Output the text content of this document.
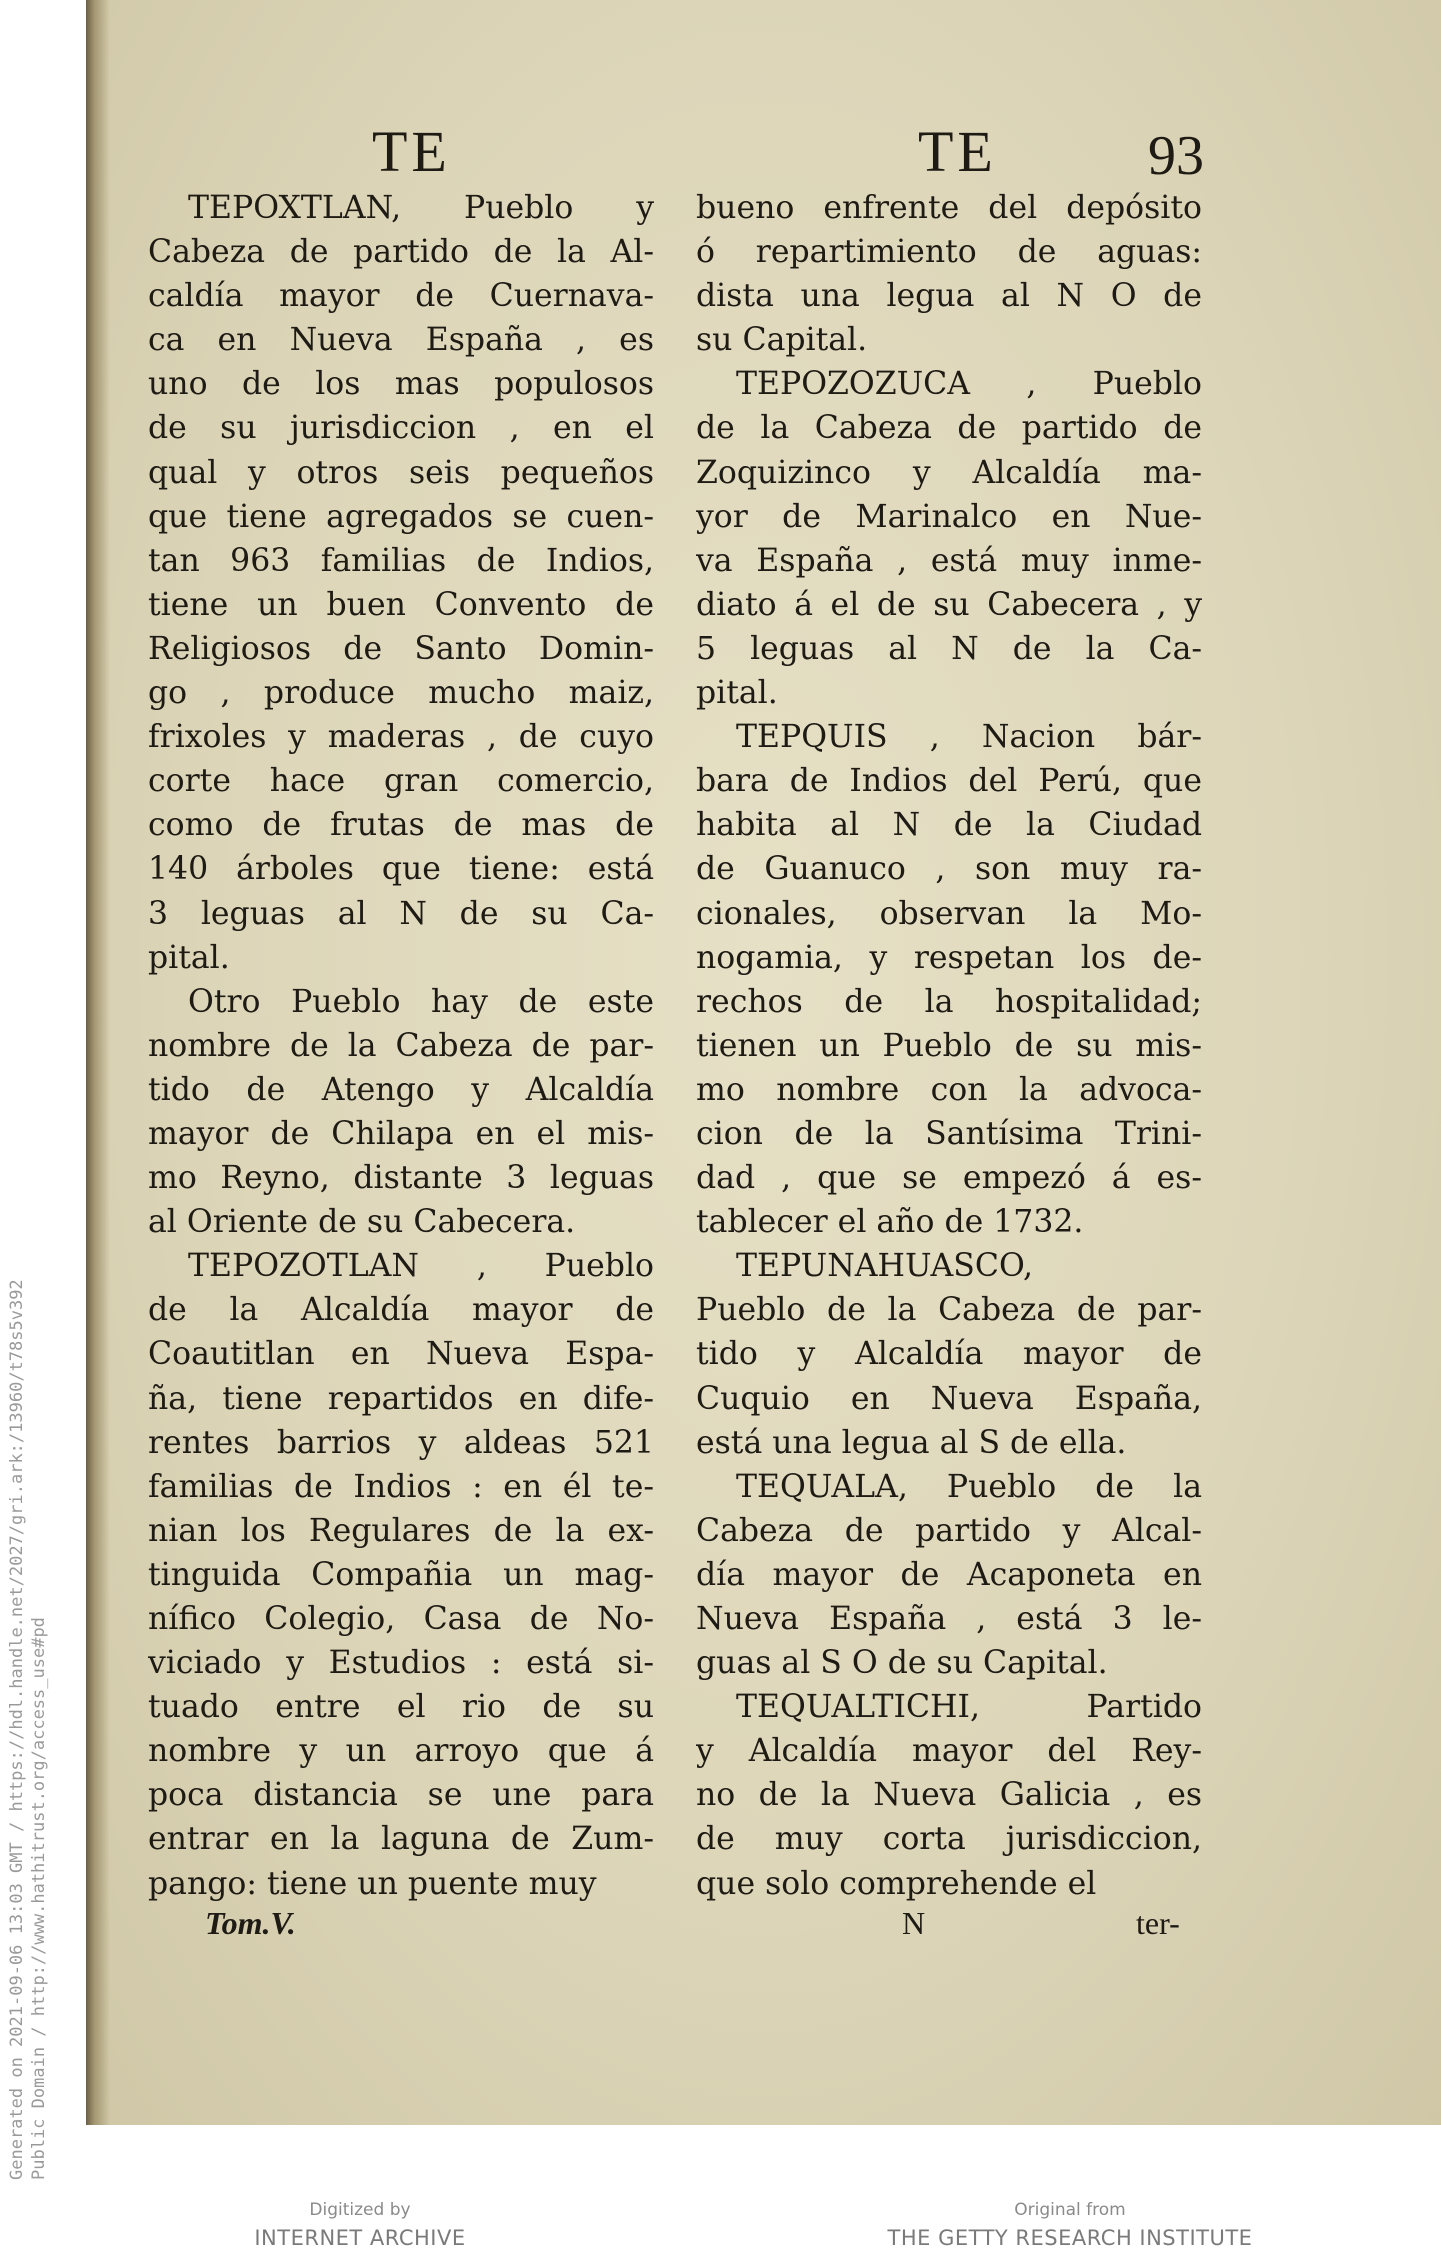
TE	TE	93
TEPOXTLAN, Pueblo y
Cabeza de partido de la Al-
caldía mayor de Cuernava-
ca en Nueva España , es
uno de los mas populosos
de su jurisdiccion , en el
qual y otros seis pequeños
que tiene agregados se cuen-
tan 963 familias de Indios,
tiene un buen Convento de
Religiosos de Santo Domin-
go , produce mucho maiz,
frixoles y maderas , de cuyo
corte hace gran comercio,
como de frutas de mas de
140 árboles que tiene: está
3 leguas al N de su Ca-
pital.
Otro Pueblo hay de este
nombre de la Cabeza de par-
tido de Atengo y Alcaldía
mayor de Chilapa en el mis-
mo Reyno, distante 3 leguas
al Oriente de su Cabecera.
TEPOZOTLAN , Pueblo
de la Alcaldía mayor de
Coautitlan en Nueva Espa-
ña, tiene repartidos en dife-
rentes barrios y aldeas 521
familias de Indios : en él te-
nian los Regulares de la ex-
tinguida Compañia un mag-
nífico Colegio, Casa de No-
viciado y Estudios : está si-
tuado entre el rio de su
nombre y un arroyo que á
poca distancia se une para
entrar en la laguna de Zum-
pango: tiene un puente muy
bueno enfrente del depósito
ó repartimiento de aguas:
dista una legua al N O de
su Capital.
TEPOZOZUCA , Pueblo
de la Cabeza de partido de
Zoquizinco y Alcaldía ma-
yor de Marinalco en Nue-
va España , está muy inme-
diato á el de su Cabecera , y
5 leguas al N de la Ca-
pital.
TEPQUIS , Nacion bár-
bara de Indios del Perú, que
habita al N de la Ciudad
de Guanuco , son muy ra-
cionales, observan la Mo-
nogamia, y respetan los de-
rechos de la hospitalidad;
tienen un Pueblo de su mis-
mo nombre con la advoca-
cion de la Santísima Trini-
dad , que se empezó á es-
tablecer el año de 1732.
TEPUNAHUASCO,
Pueblo de la Cabeza de par-
tido y Alcaldía mayor de
Cuquio en Nueva España,
está una legua al S de ella.
TEQUALA, Pueblo de la
Cabeza de partido y Alcal-
día mayor de Acaponeta en
Nueva España , está 3 le-
guas al S O de su Capital.
TEQUALTICHI, Partido
y Alcaldía mayor del Rey-
no de la Nueva Galicia , es
de muy corta jurisdiccion,
que solo comprehende el
Tom.V.	N	ter-
Generated on 2021-09-06 13:03 GMT / https://hdl.handle.net/2027/gri.ark:/13960/t78s5v392 Public Domain / http://www.hathitrust.org/access_use#pd
Digitized by
INTERNET ARCHIVE
Original from
THE GETTY RESEARCH INSTITUTE
